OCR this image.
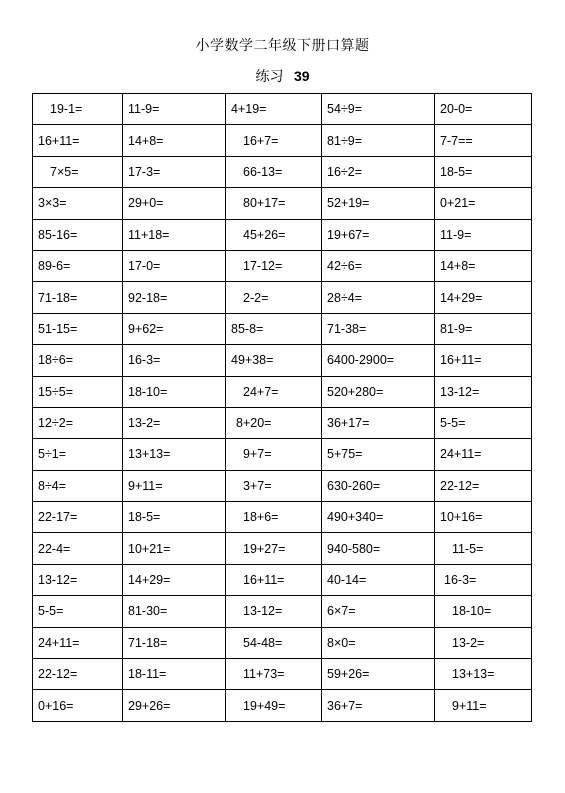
小学数学二年级下册口算题
练习 39
19-1=	11-9=	4+19=	54÷9=	20-0=
16+11=	14+8=	16+7=	81÷9=	7-7==
7×5=	17-3=	66-13=	16÷2=	18-5=
3×3=	29+0=	80+17=	52+19=	0+21=
85-16=	11+18=	45+26=	19+67=	11-9=
89-6=	17-0=	17-12=	42÷6=	14+8=
71-18=	92-18=	2-2=	28÷4=	14+29=
51-15=	9+62=	85-8=	71-38=	81-9=
18÷6=	16-3=	49+38=	6400-2900=	16+11=
15÷5=	18-10=	24+7=	520+280=	13-12=
12÷2=	13-2=	8+20=	36+17=	5-5=
5÷1=	13+13=	9+7=	5+75=	24+11=
8÷4=	9+11=	3+7=	630-260=	22-12=
22-17=	18-5=	18+6=	490+340=	10+16=
22-4=	10+21=	19+27=	940-580=	11-5=
13-12=	14+29=	16+11=	40-14=	16-3=
5-5=	81-30=	13-12=	6×7=	18-10=
24+11=	71-18=	54-48=	8×0=	13-2=
22-12=	18-11=	11+73=	59+26=	13+13=
0+16=	29+26=	19+49=	36+7=	9+11=
